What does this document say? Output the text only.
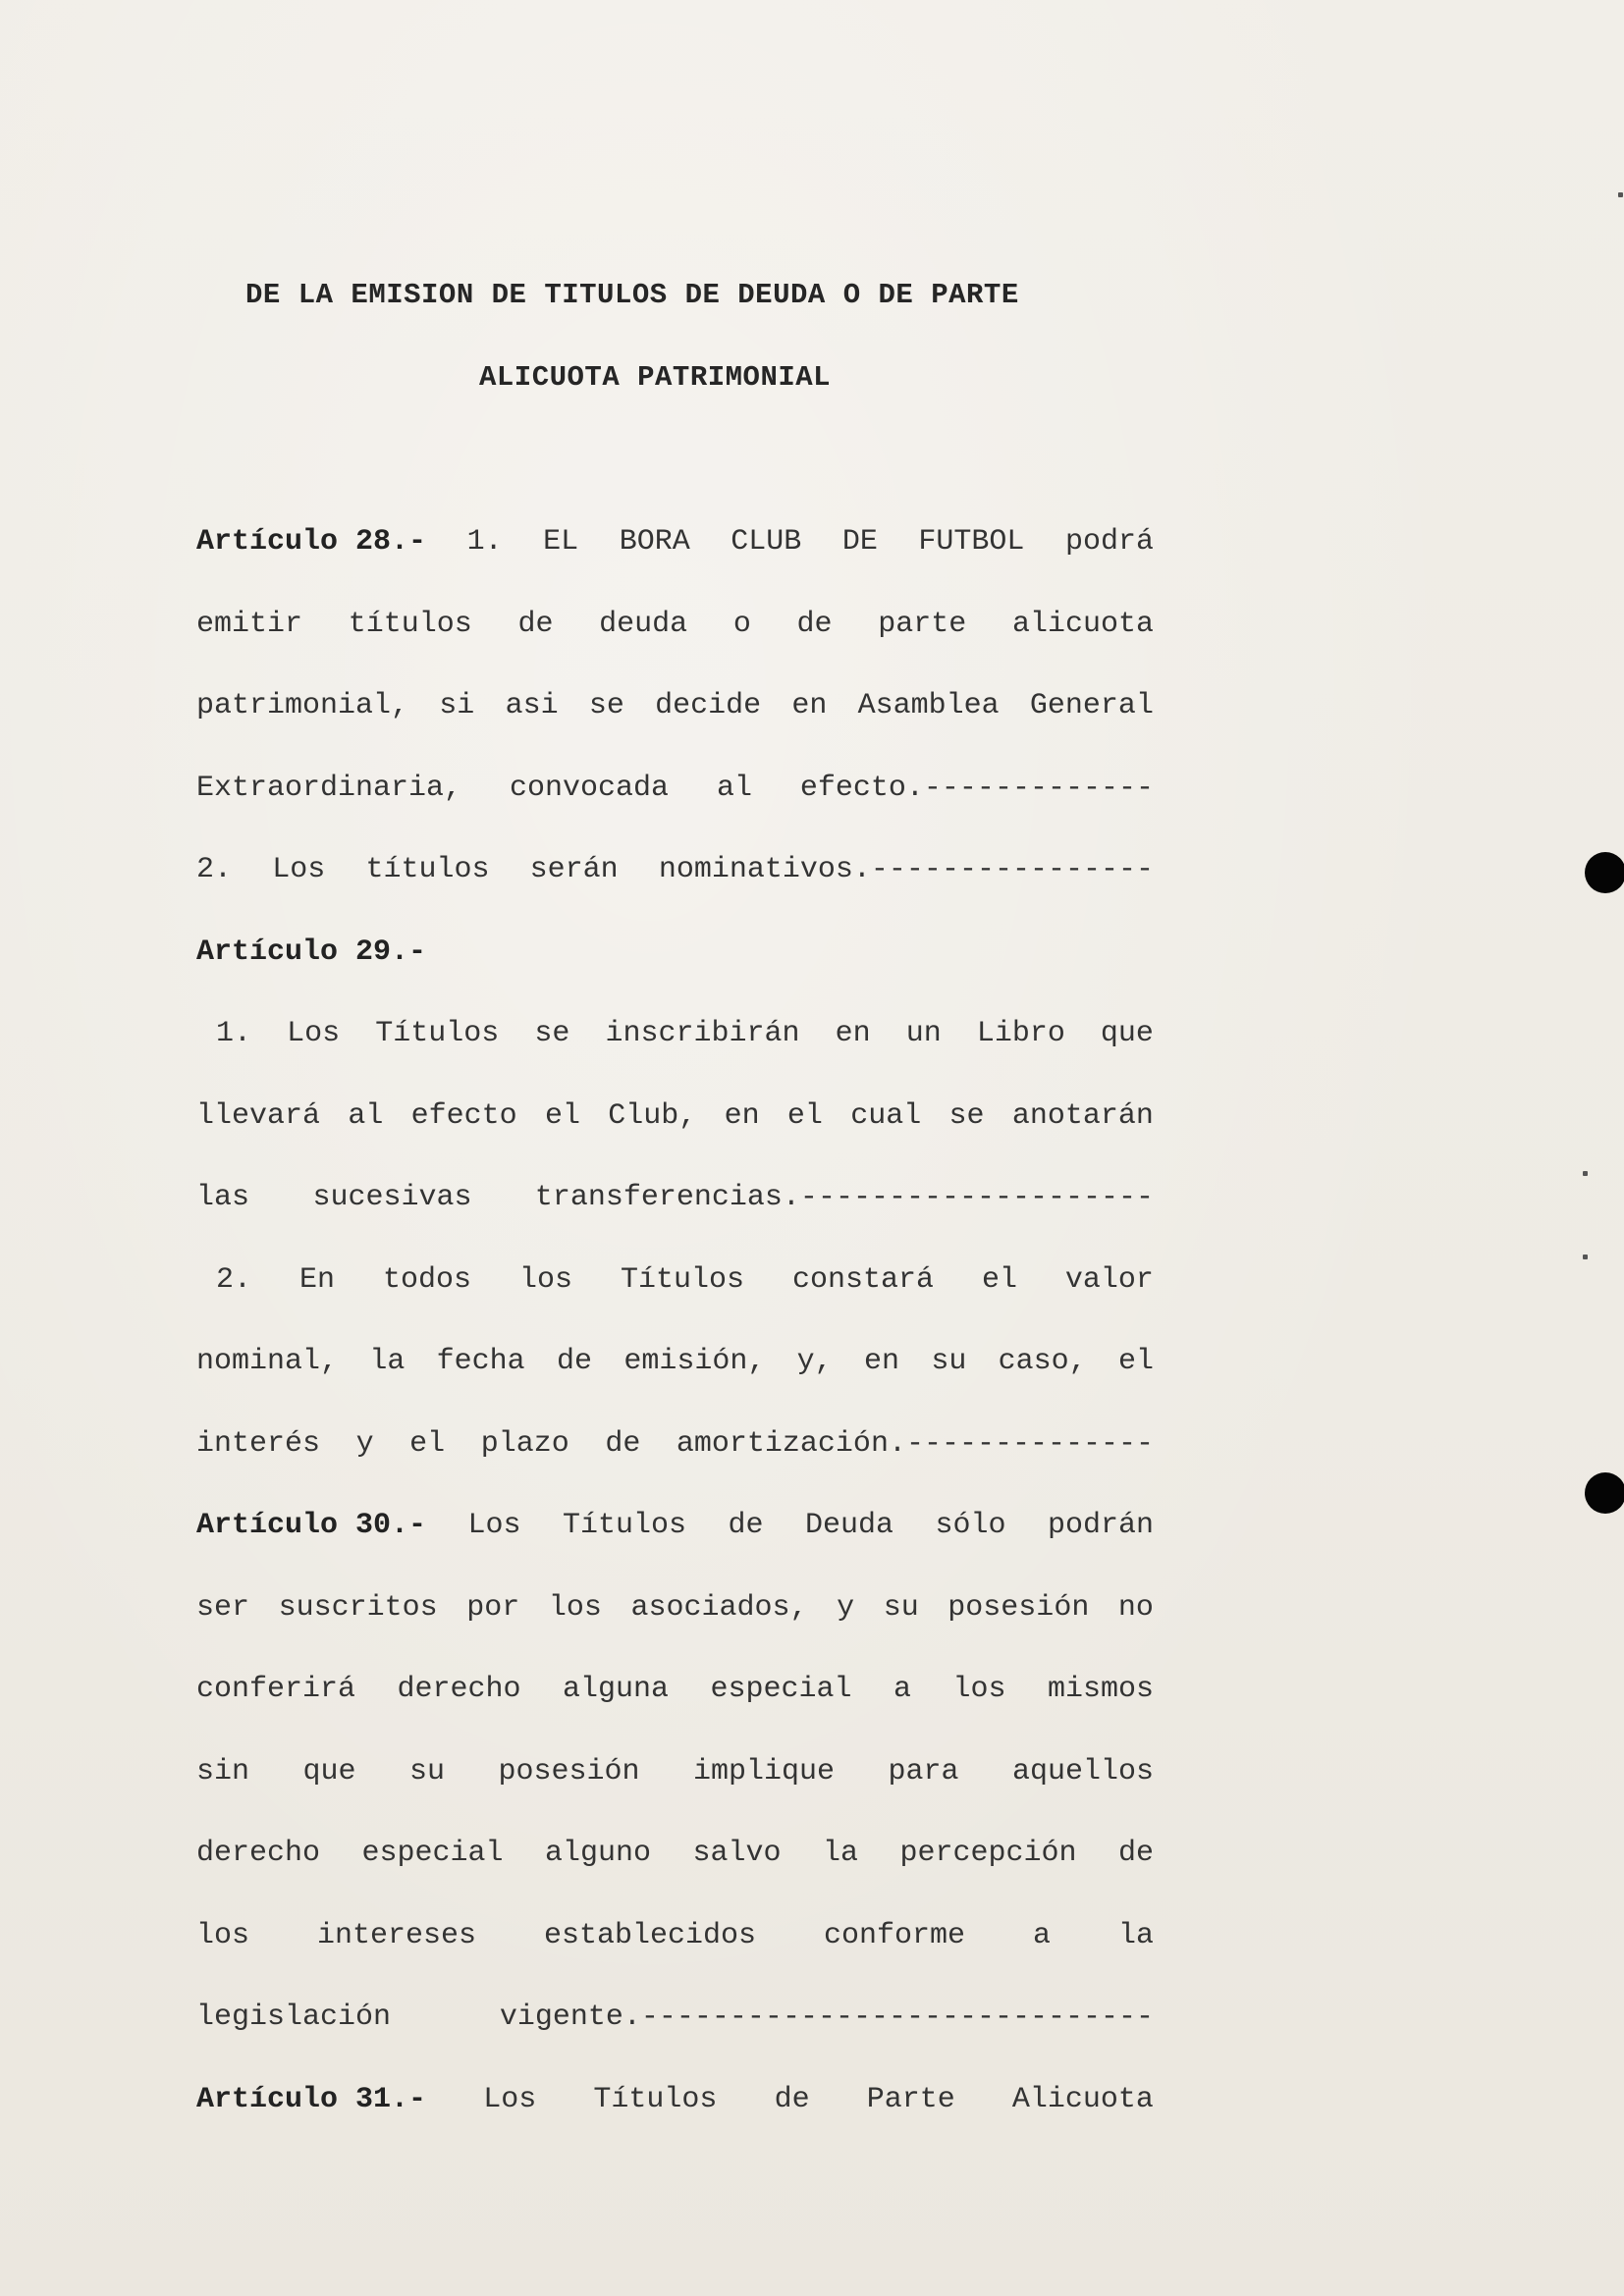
DE LA EMISION DE TITULOS DE DEUDA O DE PARTE
ALICUOTA PATRIMONIAL
Artículo 28.- 1. EL BORA CLUB DE FUTBOL podrá
emitir títulos de deuda o de parte alicuota
patrimonial, si asi se decide en Asamblea General
Extraordinaria, convocada al efecto.-------------
2. Los títulos serán nominativos.----------------
Artículo 29.-
1. Los Títulos se inscribirán en un Libro que
llevará al efecto el Club, en el cual se anotarán
las sucesivas transferencias.--------------------
2. En todos los Títulos constará el valor
nominal, la fecha de emisión, y, en su caso, el
interés y el plazo de amortización.--------------
Artículo 30.- Los Títulos de Deuda sólo podrán
ser suscritos por los asociados, y su posesión no
conferirá derecho alguna especial a los mismos
sin que su posesión implique para aquellos
derecho especial alguno salvo la percepción de
los intereses establecidos conforme a la
legislación	vigente.-----------------------------
Artículo 31.- Los Títulos de Parte Alicuota
